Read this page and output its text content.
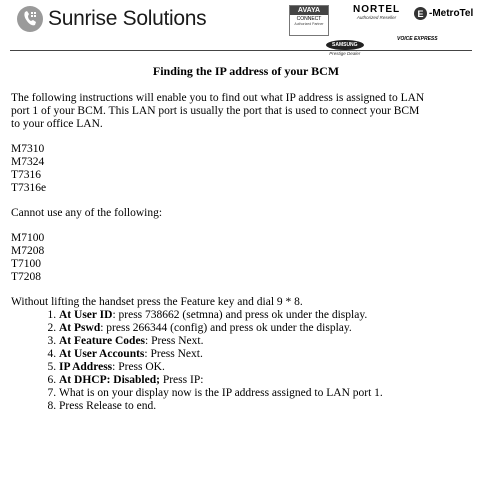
Sunrise Solutions	AVAYA
CONNECT
Authorized Partner
NORTEL
Authorized Reseller	E -MetroTel
SAMSUNG
Prestige Dealer
VOICE EXPRESS
Finding the IP address of your BCM
The following instructions will enable you to find out what IP address is assigned to LAN
port 1 of your BCM. This LAN port is usually the port that is used to connect your BCM
to your office LAN.
M7310
M7324
T7316
T7316e
Cannot use any of the following:
M7100
M7208
T7100
T7208
Without lifting the handset press the Feature key and dial 9 * 8.
1. At User ID: press 738662 (setmna) and press ok under the display.
2. At Pswd: press 266344 (config) and press ok under the display.
3. At Feature Codes: Press Next.
4. At User Accounts: Press Next.
5. IP Address: Press OK.
6. At DHCP: Disabled; Press IP:
7. What is on your display now is the IP address assigned to LAN port 1.
8. Press Release to end.
